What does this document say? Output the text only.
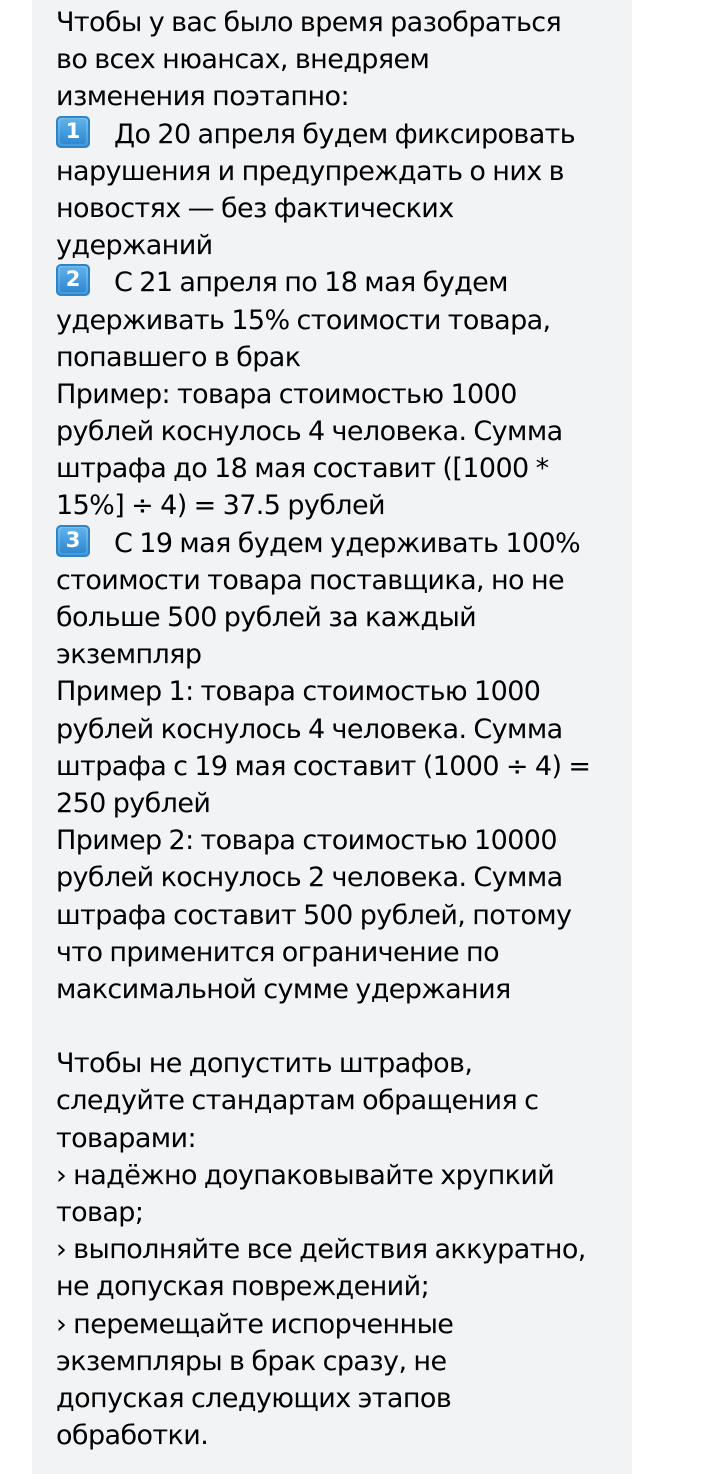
Чтобы у вас было время разобраться
во всех нюансах, внедряем
изменения поэтапно:
1 До 20 апреля будем фиксировать
нарушения и предупреждать о них в
новостях — без фактических
удержаний
2 С 21 апреля по 18 мая будем
удерживать 15% стоимости товара,
попавшего в брак
Пример: товара стоимостью 1000
рублей коснулось 4 человека. Сумма
штрафа до 18 мая составит ([1000 *
15%] ÷ 4) = 37.5 рублей
3 С 19 мая будем удерживать 100%
стоимости товара поставщика, но не
больше 500 рублей за каждый
экземпляр
Пример 1: товара стоимостью 1000
рублей коснулось 4 человека. Сумма
штрафа с 19 мая составит (1000 ÷ 4) =
250 рублей
Пример 2: товара стоимостью 10000
рублей коснулось 2 человека. Сумма
штрафа составит 500 рублей, потому
что применится ограничение по
максимальной сумме удержания
Чтобы не допустить штрафов,
следуйте стандартам обращения с
товарами:
› надёжно доупаковывайте хрупкий
товар;
› выполняйте все действия аккуратно,
не допуская повреждений;
› перемещайте испорченные
экземпляры в брак сразу, не
допуская следующих этапов
обработки.
